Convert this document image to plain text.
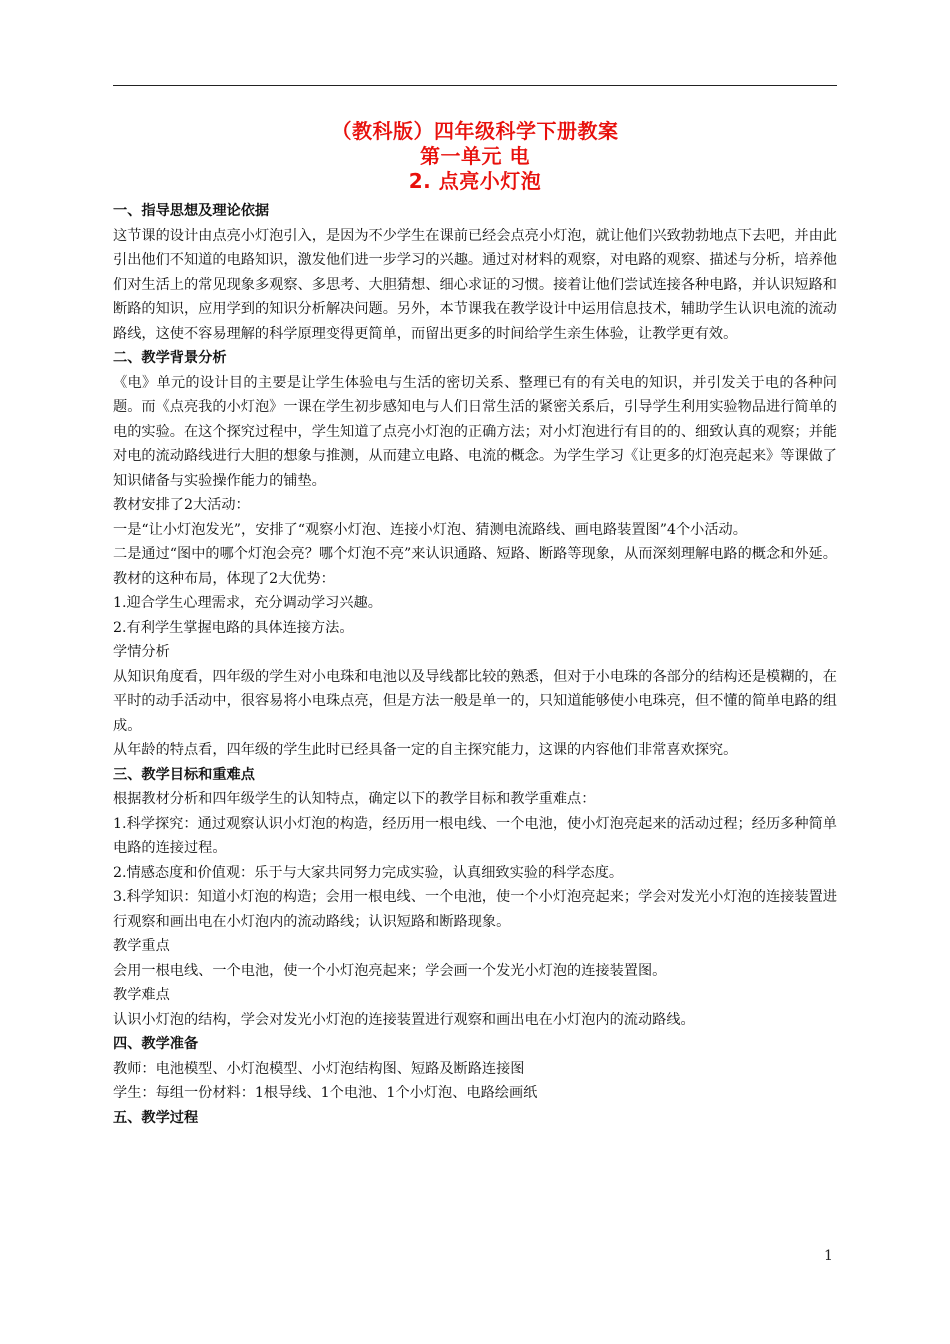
（教科版）四年级科学下册教案
第一单元 电
2. 点亮小灯泡
一、指导思想及理论依据

这节课的设计由点亮小灯泡引入，是因为不少学生在课前已经会点亮小灯泡，就让他们兴致勃勃地点下去吧，并由此引出他们不知道的电路知识，激发他们进一步学习的兴趣。通过对材料的观察，对电路的观察、描述与分析，培养他们对生活上的常见现象多观察、多思考、大胆猜想、细心求证的习惯。接着让他们尝试连接各种电路，并认识短路和断路的知识，应用学到的知识分析解决问题。另外，本节课我在教学设计中运用信息技术，辅助学生认识电流的流动路线，这使不容易理解的科学原理变得更简单，而留出更多的时间给学生亲生体验，让教学更有效。

二、教学背景分析

《电》单元的设计目的主要是让学生体验电与生活的密切关系、整理已有的有关电的知识，并引发关于电的各种问题。而《点亮我的小灯泡》一课在学生初步感知电与人们日常生活的紧密关系后，引导学生利用实验物品进行简单的电的实验。在这个探究过程中，学生知道了点亮小灯泡的正确方法；对小灯泡进行有目的的、细致认真的观察；并能对电的流动路线进行大胆的想象与推测，从而建立电路、电流的概念。为学生学习《让更多的灯泡亮起来》等课做了知识储备与实验操作能力的铺垫。

教材安排了2大活动：

一是“让小灯泡发光”，安排了“观察小灯泡、连接小灯泡、猜测电流路线、画电路装置图”4个小活动。

二是通过“图中的哪个灯泡会亮？哪个灯泡不亮”来认识通路、短路、断路等现象，从而深刻理解电路的概念和外延。

教材的这种布局，体现了2大优势：

1.迎合学生心理需求，充分调动学习兴趣。

2.有利学生掌握电路的具体连接方法。

学情分析

从知识角度看，四年级的学生对小电珠和电池以及导线都比较的熟悉，但对于小电珠的各部分的结构还是模糊的，在平时的动手活动中，很容易将小电珠点亮，但是方法一般是单一的，只知道能够使小电珠亮，但不懂的简单电路的组成。

从年龄的特点看，四年级的学生此时已经具备一定的自主探究能力，这课的内容他们非常喜欢探究。

三、教学目标和重难点

根据教材分析和四年级学生的认知特点，确定以下的教学目标和教学重难点：

1.科学探究：通过观察认识小灯泡的构造，经历用一根电线、一个电池，使小灯泡亮起来的活动过程；经历多种简单电路的连接过程。

2.情感态度和价值观：乐于与大家共同努力完成实验，认真细致实验的科学态度。

3.科学知识：知道小灯泡的构造；会用一根电线、一个电池，使一个小灯泡亮起来；学会对发光小灯泡的连接装置进行观察和画出电在小灯泡内的流动路线；认识短路和断路现象。

教学重点

会用一根电线、一个电池，使一个小灯泡亮起来；学会画一个发光小灯泡的连接装置图。

教学难点

认识小灯泡的结构，学会对发光小灯泡的连接装置进行观察和画出电在小灯泡内的流动路线。

四、教学准备

教师：电池模型、小灯泡模型、小灯泡结构图、短路及断路连接图

学生：每组一份材料：1根导线、1个电池、1个小灯泡、电路绘画纸

五、教学过程
1
